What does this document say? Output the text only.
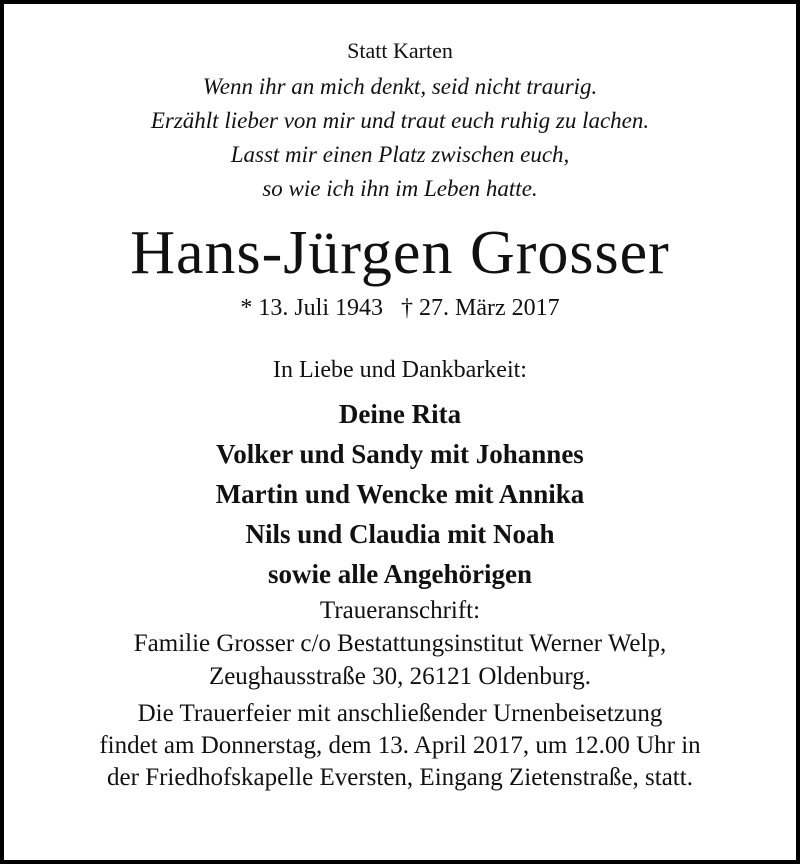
Statt Karten
Wenn ihr an mich denkt, seid nicht traurig.
Erzählt lieber von mir und traut euch ruhig zu lachen.
Lasst mir einen Platz zwischen euch,
so wie ich ihn im Leben hatte.
Hans-Jürgen Grosser
* 13. Juli 1943 † 27. März 2017
In Liebe und Dankbarkeit:
Deine Rita
Volker und Sandy mit Johannes
Martin und Wencke mit Annika
Nils und Claudia mit Noah
sowie alle Angehörigen
Traueranschrift:
Familie Grosser c/o Bestattungsinstitut Werner Welp,
Zeughausstraße 30, 26121 Oldenburg.
Die Trauerfeier mit anschließender Urnenbeisetzung
findet am Donnerstag, dem 13. April 2017, um 12.00 Uhr in
der Friedhofskapelle Eversten, Eingang Zietenstraße, statt.
